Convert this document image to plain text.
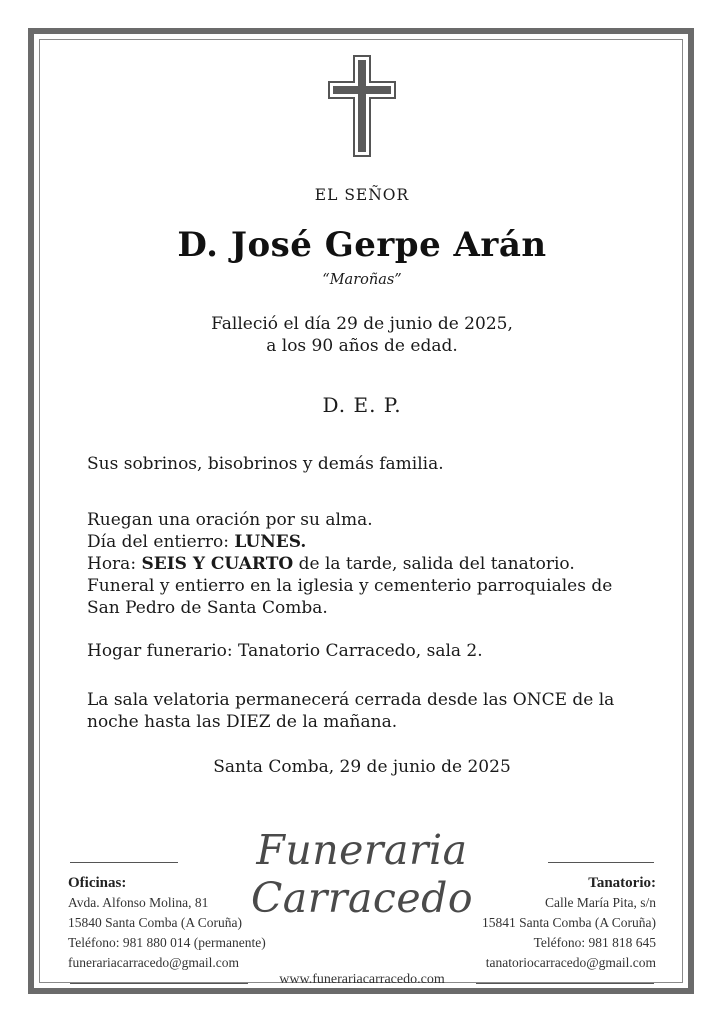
EL SEÑOR
D. José Gerpe Arán
“Maroñas”
Falleció el día 29 de junio de 2025,
a los 90 años de edad.
D. E. P.
Sus sobrinos, bisobrinos y demás familia.
Ruegan una oración por su alma.
Día del entierro: LUNES.
Hora: SEIS Y CUARTO de la tarde, salida del tanatorio.
Funeral y entierro en la iglesia y cementerio parroquiales de
San Pedro de Santa Comba.
Hogar funerario: Tanatorio Carracedo, sala 2.
La sala velatoria permanecerá cerrada desde las ONCE de la
noche hasta las DIEZ de la mañana.
Santa Comba, 29 de junio de 2025
Funeraria Carracedo
Oficinas:
Avda. Alfonso Molina, 81
15840 Santa Comba (A Coruña)
Teléfono: 981 880 014 (permanente)
funerariacarracedo@gmail.com
Tanatorio:
Calle María Pita, s/n
15841 Santa Comba (A Coruña)
Teléfono: 981 818 645
tanatoriocarracedo@gmail.com
www.funerariacarracedo.com
